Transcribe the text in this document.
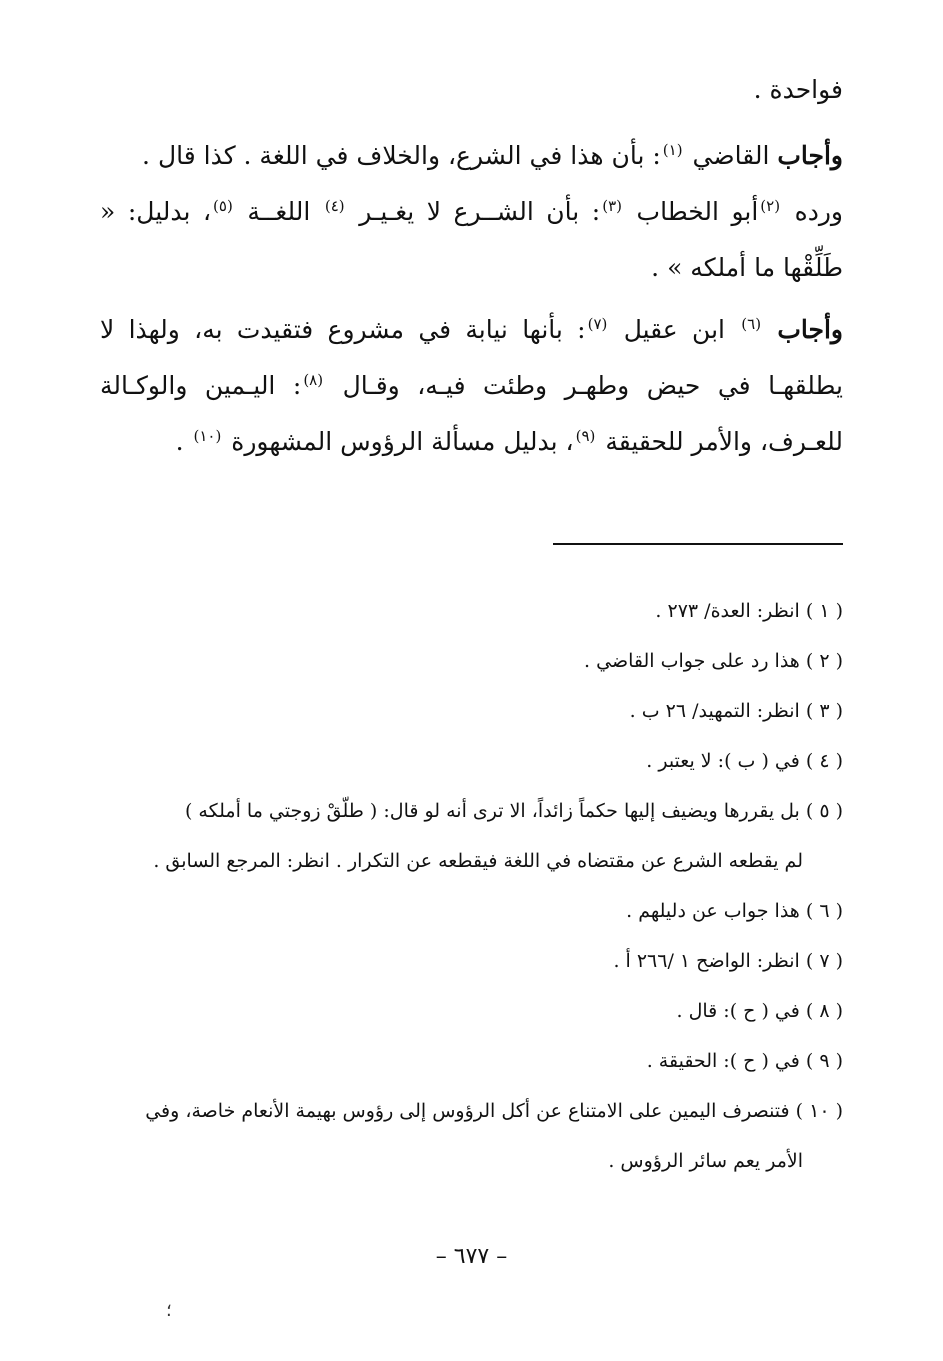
فواحدة .

وأجاب القاضي $^{(١)}$: بأن هذا في الشرع، والخلاف في اللغة . كذا قال .

ورده $^{(٢)}$أبو الخطاب $^{(٣)}$: بأن الشــرع لا يغـيـر $^{(٤)}$ اللغــة $^{(٥)}$، بدليل: « طَلِّقْها ما أملكه » .

وأجاب $^{(٦)}$ ابن عقيل $^{(٧)}$: بأنها نيابة في مشروع فتقيدت به، ولهذا لا يطلقهـا في حيض وطهـر وطئت فيـه، وقـال $^{(٨)}$: اليـمين والوكـالة للعـرف، والأمر للحقيقة $^{(٩)}$، بدليل مسألة الرؤوس المشهورة $^{(١٠)}$ .

( ١ ) انظر: العدة/ ٢٧٣ .

( ٢ ) هذا رد على جواب القاضي .

( ٣ ) انظر: التمهيد/ ٢٦ ب .

( ٤ ) في ( ب ): لا يعتبر .

( ٥ ) بل يقررها ويضيف إليها حكماً زائداً، الا ترى أنه لو قال: ( طلّقْ زوجتي ما أملكه )

لم يقطعه الشرع عن مقتضاه في اللغة فيقطعه عن التكرار . انظر: المرجع السابق .

( ٦ ) هذا جواب عن دليلهم .

( ٧ ) انظر: الواضح ١ /٢٦٦ أ .

( ٨ ) في ( ح ): قال .

( ٩ ) في ( ح ): الحقيقة .

( ١٠ ) فتنصرف اليمين على الامتناع عن أكل الرؤوس إلى رؤوس بهيمة الأنعام خاصة، وفي

الأمر يعم سائر الرؤوس .

– ٦٧٧ –
؛
